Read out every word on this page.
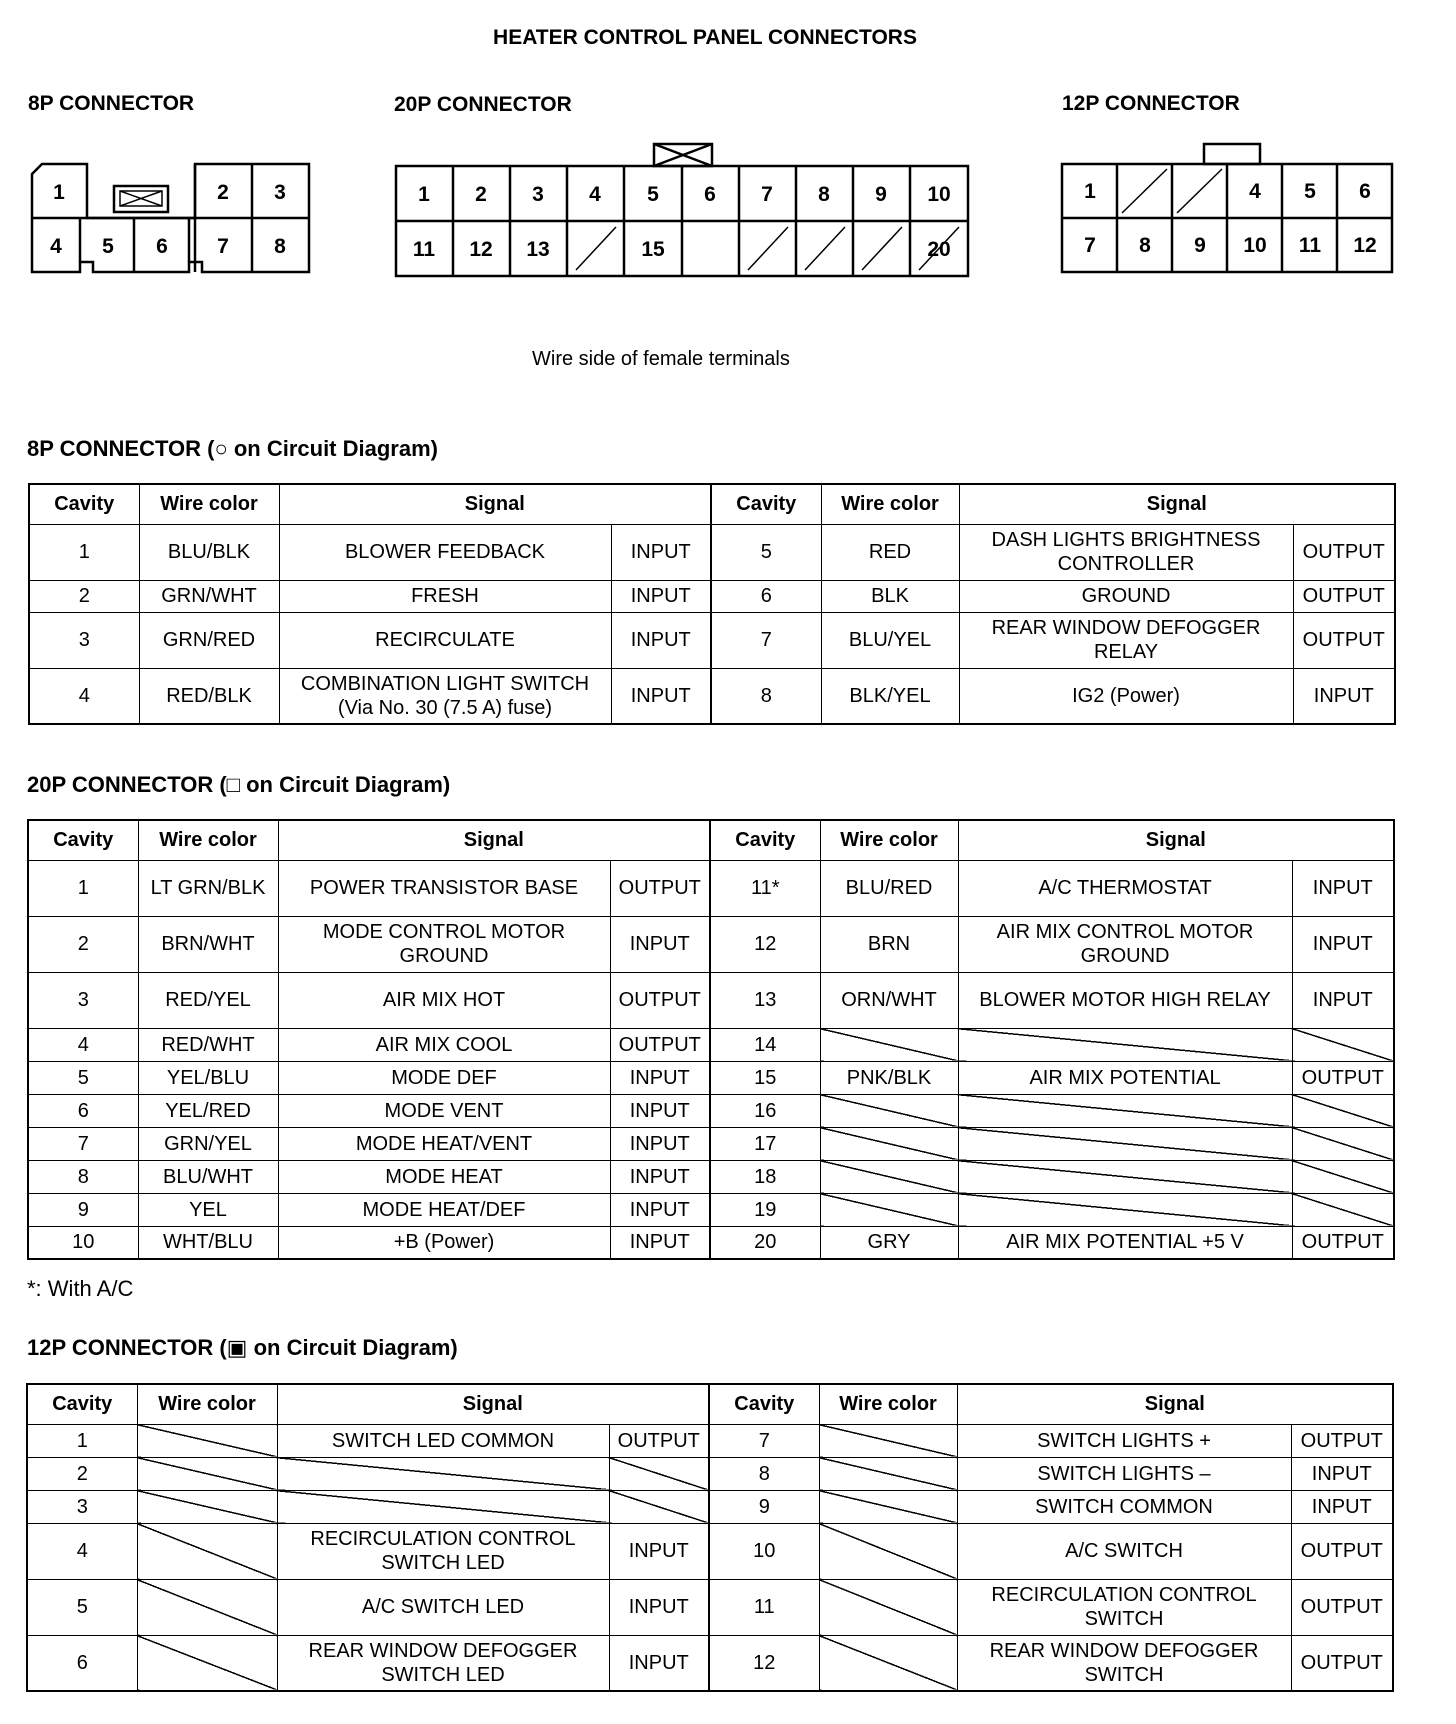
HEATER CONTROL PANEL CONNECTORS
8P CONNECTOR	20P CONNECTOR	12P CONNECTOR
1	2 3
4 5 6 7 8
1 2 3 4 5 6 7 8 9 10
11 12 13	15	20
1	4 5 6
7 8 9 10 11 12
Wire side of female terminals
8P CONNECTOR (○ on Circuit Diagram)
20P CONNECTOR (□ on Circuit Diagram)
*: With A/C
12P CONNECTOR (▣ on Circuit Diagram)
Cavity	Wire color	Signal		Cavity	Wire color	Signal	
1	BLU/BLK	BLOWER FEEDBACK	INPUT	5	RED	DASH LIGHTS BRIGHTNESS CONTROLLER	OUTPUT
2	GRN/WHT	FRESH	INPUT	6	BLK	GROUND	OUTPUT
3	GRN/RED	RECIRCULATE	INPUT	7	BLU/YEL	REAR WINDOW DEFOGGER RELAY	OUTPUT
4	RED/BLK	COMBINATION LIGHT SWITCH (Via No. 30 (7.5 A) fuse)	INPUT	8	BLK/YEL	IG2 (Power)	INPUT
Cavity	Wire color	Signal		Cavity	Wire color	Signal	
1	LT GRN/BLK	POWER TRANSISTOR BASE	OUTPUT	11*	BLU/RED	A/C THERMOSTAT	INPUT
2	BRN/WHT	MODE CONTROL MOTOR GROUND	INPUT	12	BRN	AIR MIX CONTROL MOTOR GROUND	INPUT
3	RED/YEL	AIR MIX HOT	OUTPUT	13	ORN/WHT	BLOWER MOTOR HIGH RELAY	INPUT
4	RED/WHT	AIR MIX COOL	OUTPUT	14			
5	YEL/BLU	MODE DEF	INPUT	15	PNK/BLK	AIR MIX POTENTIAL	OUTPUT
6	YEL/RED	MODE VENT	INPUT	16			
7	GRN/YEL	MODE HEAT/VENT	INPUT	17			
8	BLU/WHT	MODE HEAT	INPUT	18			
9	YEL	MODE HEAT/DEF	INPUT	19			
10	WHT/BLU	+B (Power)	INPUT	20	GRY	AIR MIX POTENTIAL +5 V	OUTPUT
Cavity	Wire color	Signal		Cavity	Wire color	Signal	
1		SWITCH LED COMMON	OUTPUT	7		SWITCH LIGHTS +	OUTPUT
2				8		SWITCH LIGHTS –	INPUT
3				9		SWITCH COMMON	INPUT
4		RECIRCULATION CONTROL SWITCH LED	INPUT	10		A/C SWITCH	OUTPUT
5		A/C SWITCH LED	INPUT	11		RECIRCULATION CONTROL SWITCH	OUTPUT
6		REAR WINDOW DEFOGGER SWITCH LED	INPUT	12		REAR WINDOW DEFOGGER SWITCH	OUTPUT
